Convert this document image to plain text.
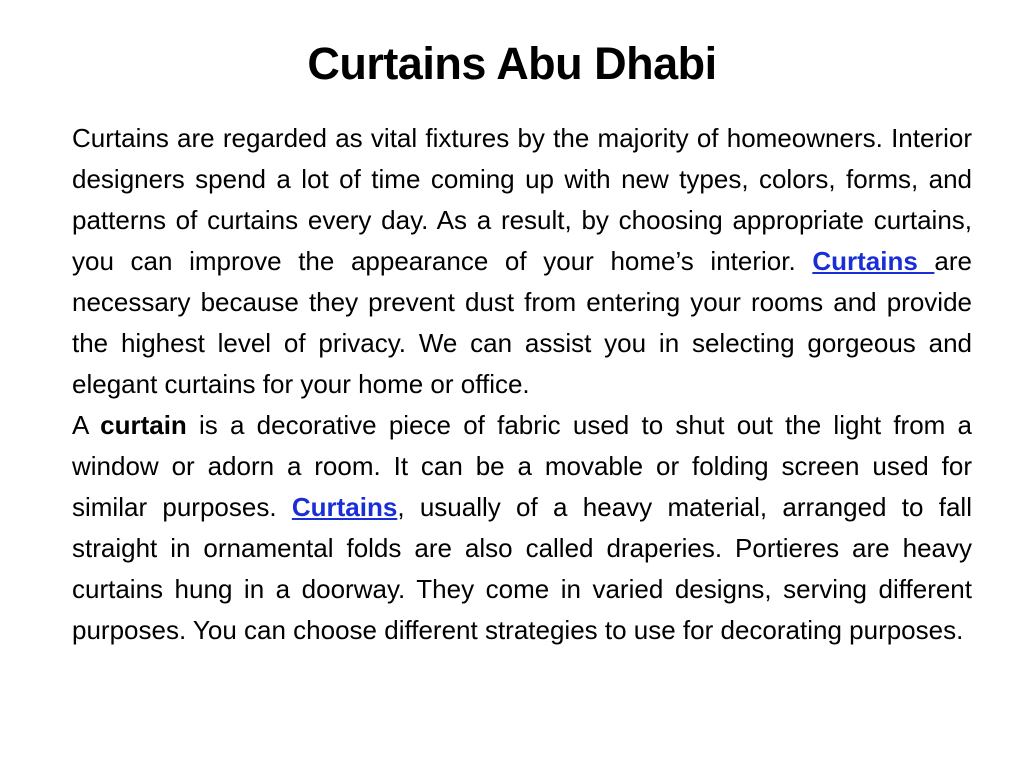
Curtains Abu Dhabi

Curtains are regarded as vital fixtures by the majority of homeowners. Interior designers spend a lot of time coming up with new types, colors, forms, and patterns of curtains every day. As a result, by choosing appropriate curtains, you can improve the appearance of your home’s interior. Curtains are necessary because they prevent dust from entering your rooms and provide the highest level of privacy. We can assist you in selecting gorgeous and elegant curtains for your home or office.

A curtain is a decorative piece of fabric used to shut out the light from a window or adorn a room. It can be a movable or folding screen used for similar purposes. Curtains, usually of a heavy material, arranged to fall straight in ornamental folds are also called draperies. Portieres are heavy curtains hung in a doorway. They come in varied designs, serving different purposes. You can choose different strategies to use for decorating purposes.
